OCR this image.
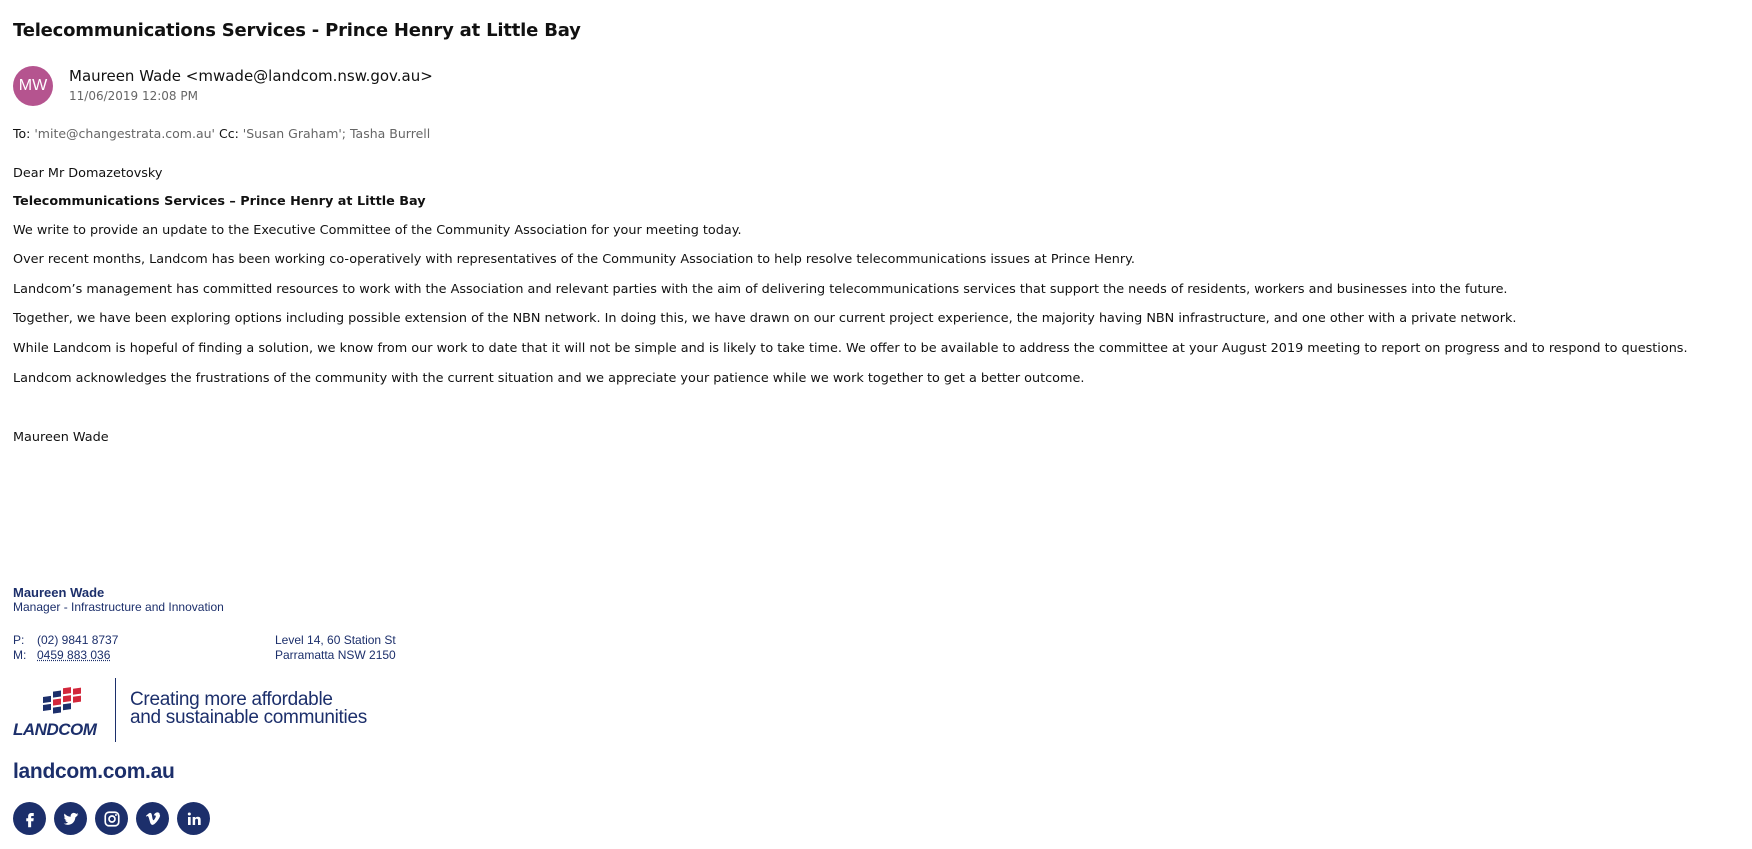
Telecommunications Services - Prince Henry at Little Bay
MW
Maureen Wade <mwade@landcom.nsw.gov.au>
11/06/2019 12:08 PM
To: 'mite@changestrata.com.au' Cc: 'Susan Graham'; Tasha Burrell
Dear Mr Domazetovsky
Telecommunications Services – Prince Henry at Little Bay
We write to provide an update to the Executive Committee of the Community Association for your meeting today.
Over recent months, Landcom has been working co-operatively with representatives of the Community Association to help resolve telecommunications issues at Prince Henry.
Landcom’s management has committed resources to work with the Association and relevant parties with the aim of delivering telecommunications services that support the needs of residents, workers and businesses into the future.
Together, we have been exploring options including possible extension of the NBN network. In doing this, we have drawn on our current project experience, the majority having NBN infrastructure, and one other with a private network.
While Landcom is hopeful of finding a solution, we know from our work to date that it will not be simple and is likely to take time. We offer to be available to address the committee at your August 2019 meeting to report on progress and to respond to questions.
Landcom acknowledges the frustrations of the community with the current situation and we appreciate your patience while we work together to get a better outcome.
Maureen Wade
Maureen Wade
Manager - Infrastructure and Innovation
P: (02) 9841 8737
M: 0459 883 036
Level 14, 60 Station St
Parramatta NSW 2150
LANDCOM
Creating more affordable
and sustainable communities
landcom.com.au
